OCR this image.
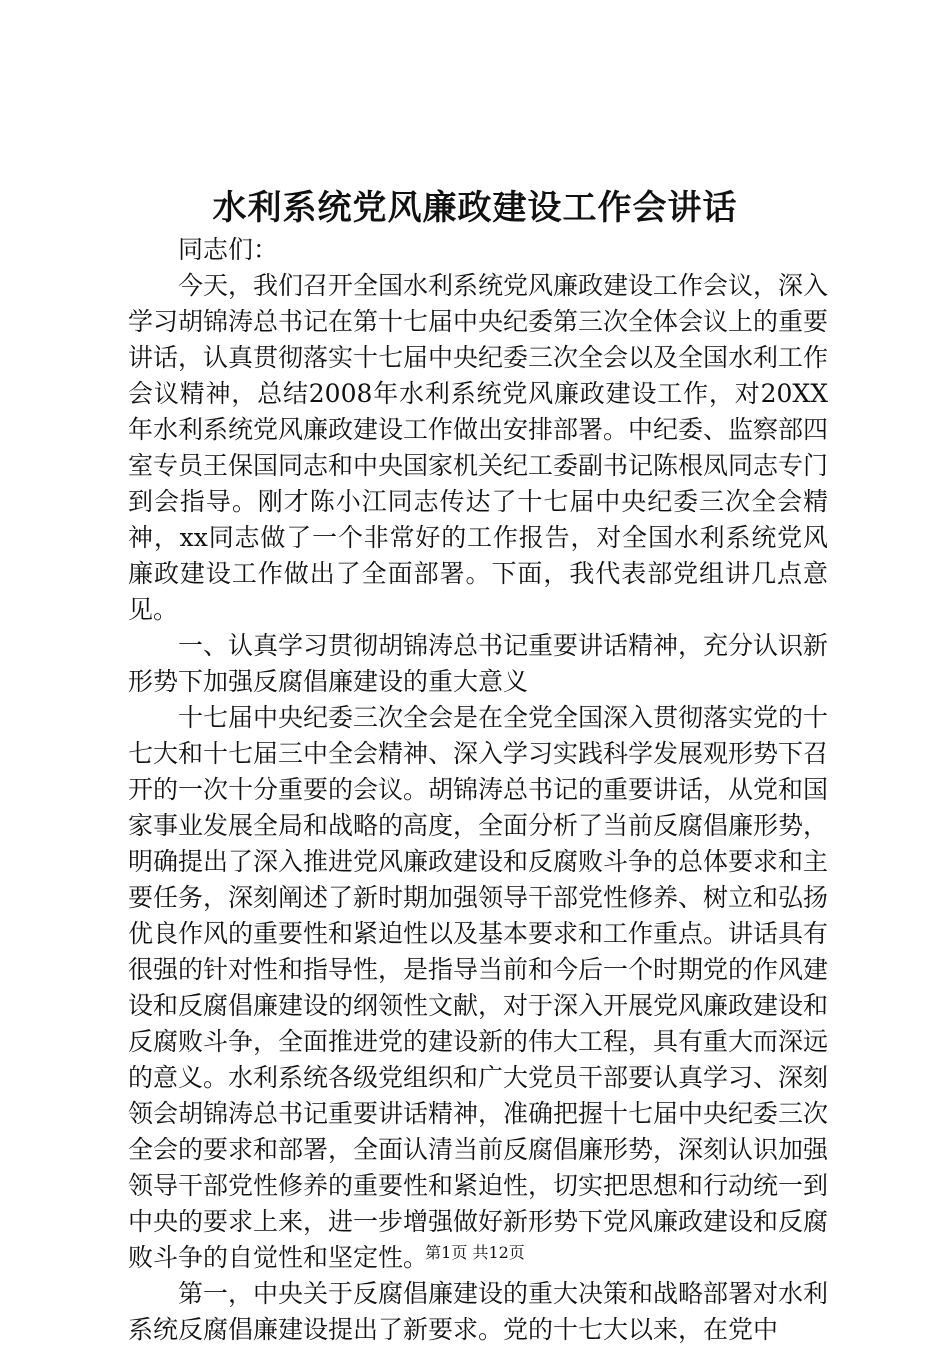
水利系统党风廉政建设工作会讲话

同志们：

今天，我们召开全国水利系统党风廉政建设工作会议，深入学习胡锦涛总书记在第十七届中央纪委第三次全体会议上的重要讲话，认真贯彻落实十七届中央纪委三次全会以及全国水利工作会议精神，总结2008年水利系统党风廉政建设工作，对20XX年水利系统党风廉政建设工作做出安排部署。中纪委、监察部四室专员王保国同志和中央国家机关纪工委副书记陈根凤同志专门到会指导。刚才陈小江同志传达了十七届中央纪委三次全会精神，xx同志做了一个非常好的工作报告，对全国水利系统党风廉政建设工作做出了全面部署。下面，我代表部党组讲几点意见。

一、认真学习贯彻胡锦涛总书记重要讲话精神，充分认识新形势下加强反腐倡廉建设的重大意义

十七届中央纪委三次全会是在全党全国深入贯彻落实党的十七大和十七届三中全会精神、深入学习实践科学发展观形势下召开的一次十分重要的会议。胡锦涛总书记的重要讲话，从党和国家事业发展全局和战略的高度，全面分析了当前反腐倡廉形势，明确提出了深入推进党风廉政建设和反腐败斗争的总体要求和主要任务，深刻阐述了新时期加强领导干部党性修养、树立和弘扬优良作风的重要性和紧迫性以及基本要求和工作重点。讲话具有很强的针对性和指导性，是指导当前和今后一个时期党的作风建设和反腐倡廉建设的纲领性文献，对于深入开展党风廉政建设和反腐败斗争，全面推进党的建设新的伟大工程，具有重大而深远的意义。水利系统各级党组织和广大党员干部要认真学习、深刻领会胡锦涛总书记重要讲话精神，准确把握十七届中央纪委三次全会的要求和部署，全面认清当前反腐倡廉形势，深刻认识加强领导干部党性修养的重要性和紧迫性，切实把思想和行动统一到中央的要求上来，进一步增强做好新形势下党风廉政建设和反腐败斗争的自觉性和坚定性。

第一，中央关于反腐倡廉建设的重大决策和战略部署对水利系统反腐倡廉建设提出了新要求。党的十七大以来，在党中

第1页 共12页
